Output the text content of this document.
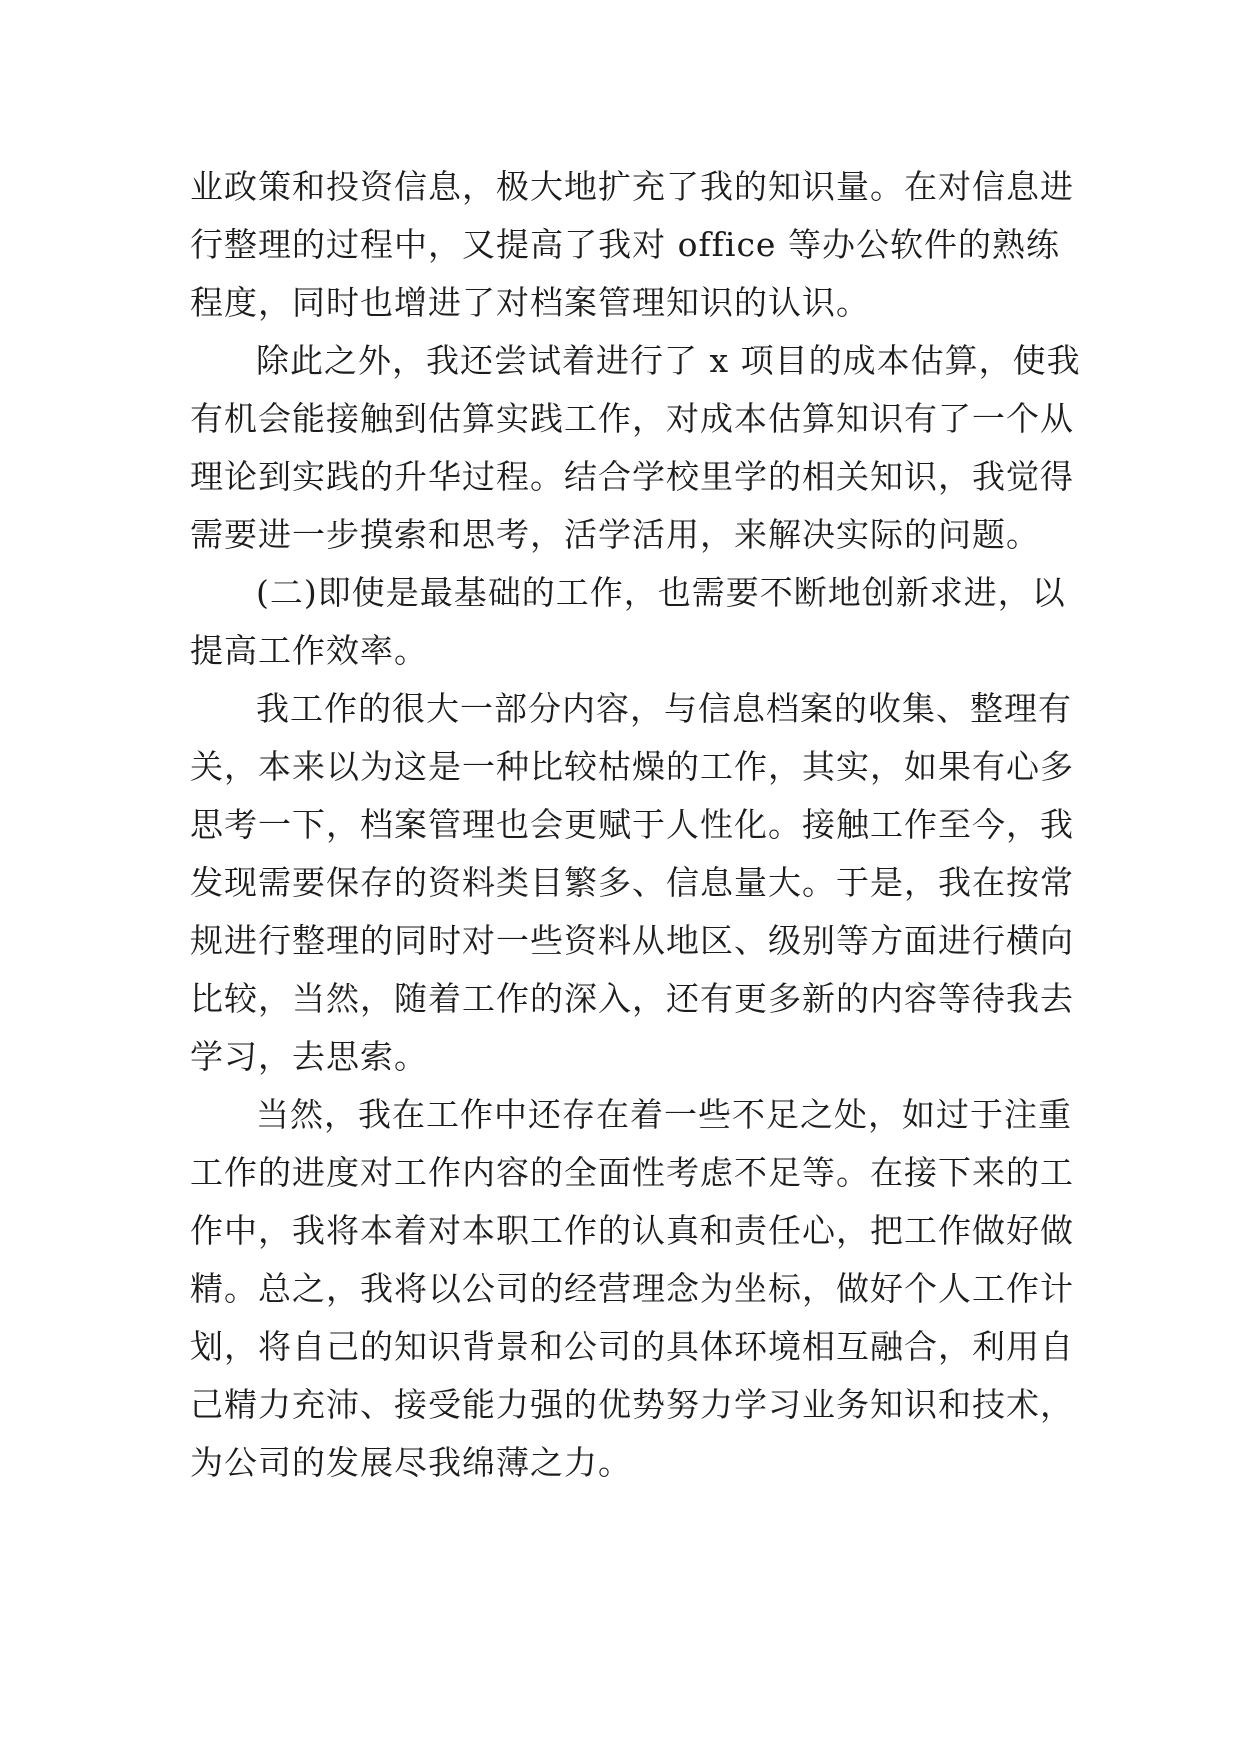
业政策和投资信息，极大地扩充了我的知识量。在对信息进
行整理的过程中，又提高了我对 office 等办公软件的熟练
程度，同时也增进了对档案管理知识的认识。
除此之外，我还尝试着进行了 x 项目的成本估算，使我
有机会能接触到估算实践工作，对成本估算知识有了一个从
理论到实践的升华过程。结合学校里学的相关知识，我觉得
需要进一步摸索和思考，活学活用，来解决实际的问题。
(二)即使是最基础的工作，也需要不断地创新求进，以
提高工作效率。
我工作的很大一部分内容，与信息档案的收集、整理有
关，本来以为这是一种比较枯燥的工作，其实，如果有心多
思考一下，档案管理也会更赋于人性化。接触工作至今，我
发现需要保存的资料类目繁多、信息量大。于是，我在按常
规进行整理的同时对一些资料从地区、级别等方面进行横向
比较，当然，随着工作的深入，还有更多新的内容等待我去
学习，去思索。
当然，我在工作中还存在着一些不足之处，如过于注重
工作的进度对工作内容的全面性考虑不足等。在接下来的工
作中，我将本着对本职工作的认真和责任心，把工作做好做
精。总之，我将以公司的经营理念为坐标，做好个人工作计
划，将自己的知识背景和公司的具体环境相互融合，利用自
己精力充沛、接受能力强的优势努力学习业务知识和技术，
为公司的发展尽我绵薄之力。
